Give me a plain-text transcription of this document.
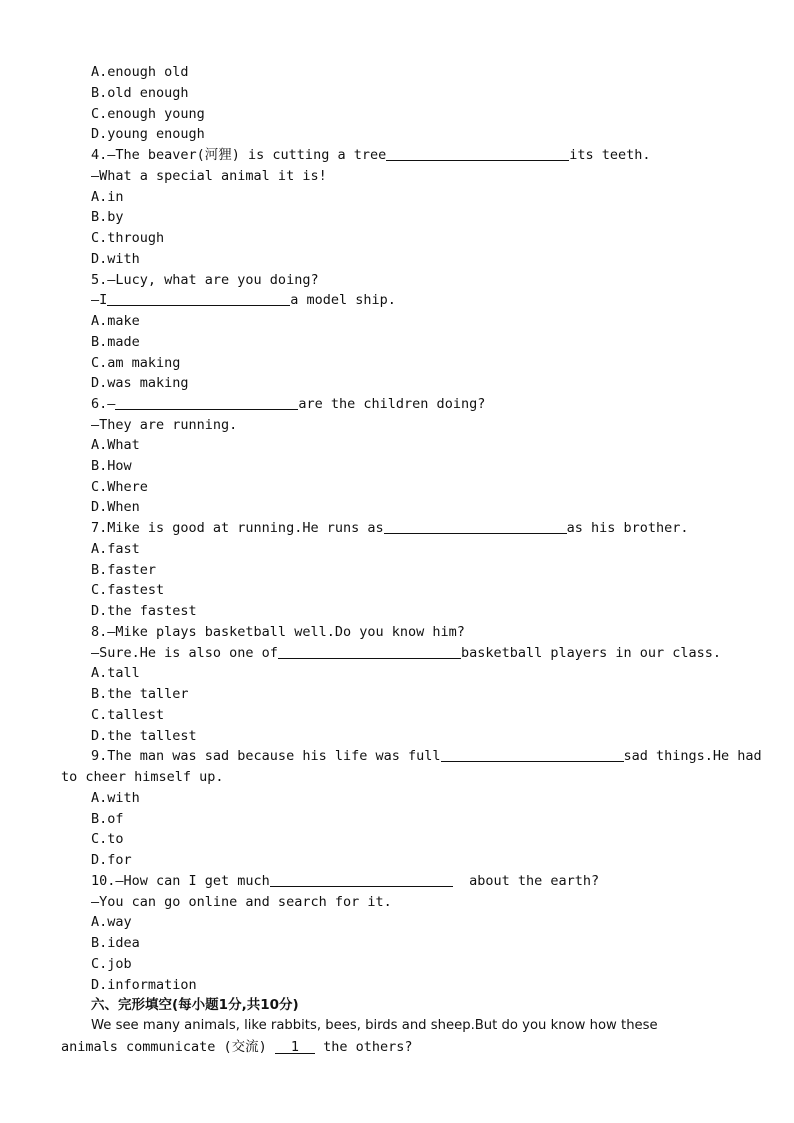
A.enough old
B.old enough
C.enough young
D.young enough
4.—The beaver(河狸) is cutting a tree	its teeth.
—What a special animal it is!
A.in
B.by
C.through
D.with
5.—Lucy, what are you doing?
—I	a model ship.
A.make
B.made
C.am making
D.was making
6.—	are the children doing?
—They are running.
A.What
B.How
C.Where
D.When
7.Mike is good at running.He runs as	as his brother.
A.fast
B.faster
C.fastest
D.the fastest
8.—Mike plays basketball well.Do you know him?
—Sure.He is also one of	basketball players in our class.
A.tall
B.the taller
C.tallest
D.the tallest
9.The man was sad because his life was full	sad things.He had
to cheer himself up.
A.with
B.of
C.to
D.for
10.—How can I get much	about the earth?
—You can go online and search for it.
A.way
B.idea
C.job
D.information
六、完形填空(每小题1分,共10分)
We see many animals, like rabbits, bees, birds and sheep.But do you know how these
animals communicate (交流) 1 the others?
